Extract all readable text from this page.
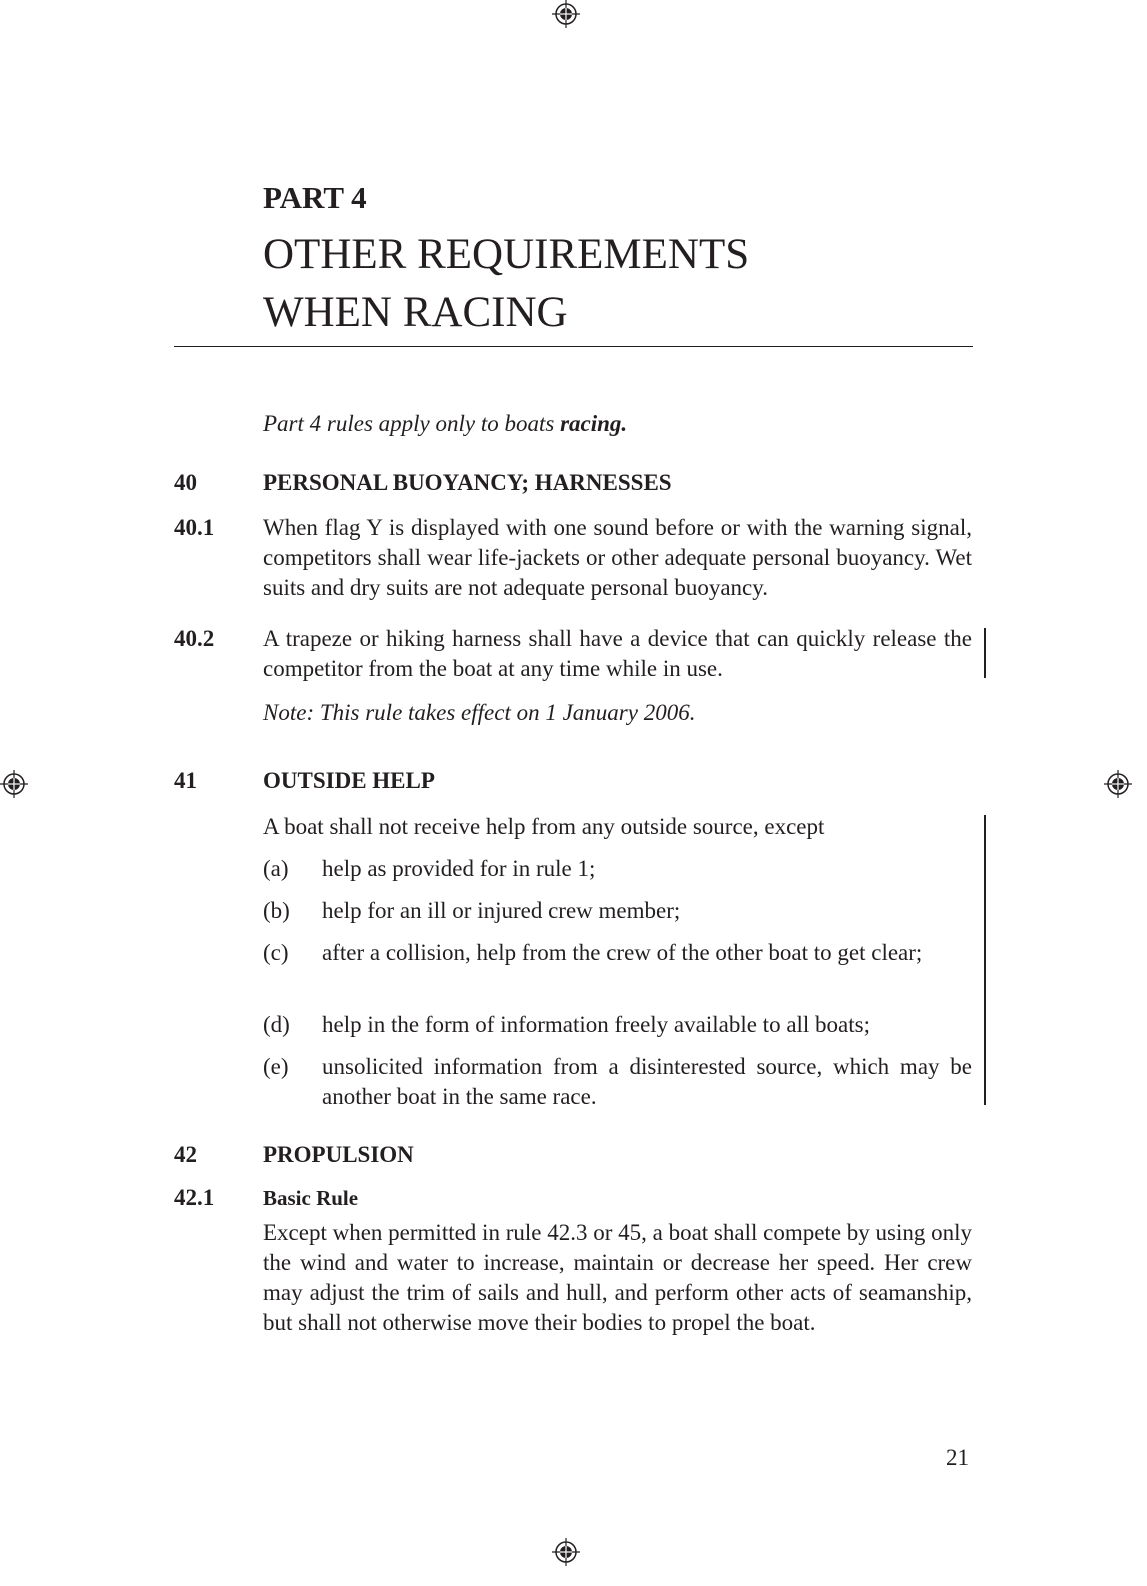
PART 4
OTHER REQUIREMENTS
WHEN RACING
Part 4 rules apply only to boats racing.
40	PERSONAL BUOYANCY; HARNESSES
40.1 When flag Y is displayed with one sound before or with the warning signal, competitors shall wear life-jackets or other adequate personal buoyancy. Wet suits and dry suits are not adequate personal buoyancy.
40.2 A trapeze or hiking harness shall have a device that can quickly release the competitor from the boat at any time while in use.
Note: This rule takes effect on 1 January 2006.
41	OUTSIDE HELP
A boat shall not receive help from any outside source, except
(a) help as provided for in rule 1;
(b) help for an ill or injured crew member;
(c) after a collision, help from the crew of the other boat to get clear;
(d) help in the form of information freely available to all boats;
(e) unsolicited information from a disinterested source, which may be another boat in the same race.
42	PROPULSION
42.1 Basic Rule
Except when permitted in rule 42.3 or 45, a boat shall compete by using only the wind and water to increase, maintain or decrease her speed. Her crew may adjust the trim of sails and hull, and perform other acts of seamanship, but shall not otherwise move their bodies to propel the boat.
21
